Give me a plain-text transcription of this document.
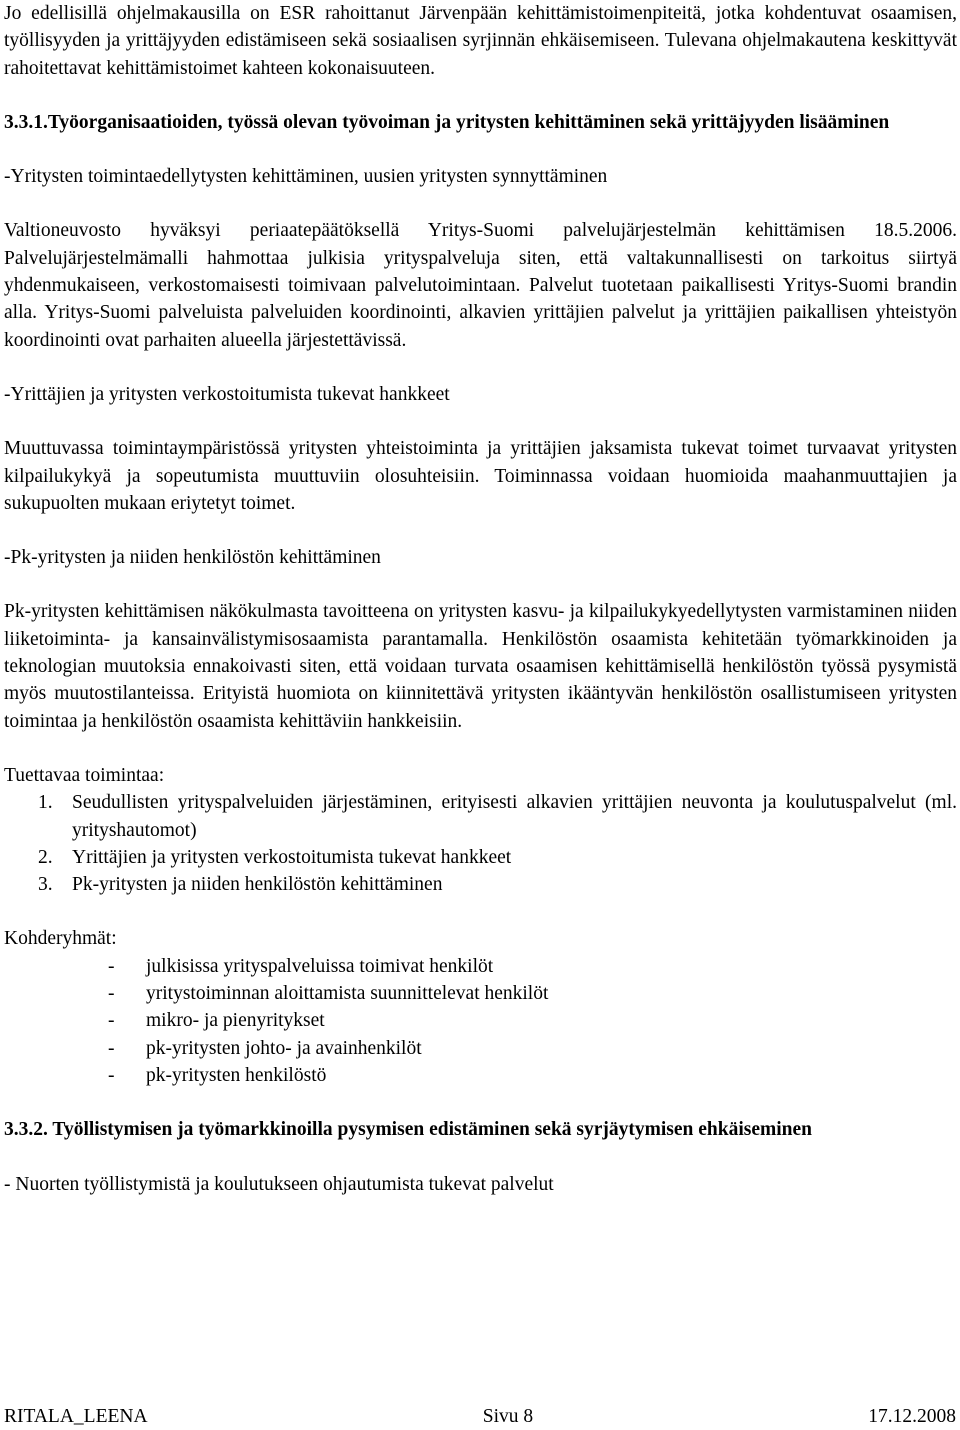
Jo edellisillä ohjelmakausilla on ESR rahoittanut Järvenpään kehittämistoimenpiteitä, jotka kohdentuvat osaamisen, työllisyyden ja yrittäjyyden edistämiseen sekä sosiaalisen syrjinnän ehkäisemiseen. Tulevana ohjelmakautena keskittyvät rahoitettavat kehittämistoimet kahteen kokonaisuuteen.

3.3.1.Työorganisaatioiden, työssä olevan työvoiman ja yritysten kehittäminen sekä yrittäjyyden lisääminen

-Yritysten toimintaedellytysten kehittäminen, uusien yritysten synnyttäminen

Valtioneuvosto hyväksyi periaatepäätöksellä Yritys-Suomi palvelujärjestelmän kehittämisen 18.5.2006. Palvelujärjestelmämalli hahmottaa julkisia yrityspalveluja siten, että valtakunnallisesti on tarkoitus siirtyä yhdenmukaiseen, verkostomaisesti toimivaan palvelutoimintaan. Palvelut tuotetaan paikallisesti Yritys-Suomi brandin alla. Yritys-Suomi palveluista palveluiden koordinointi, alkavien yrittäjien palvelut ja yrittäjien paikallisen yhteistyön koordinointi ovat parhaiten alueella järjestettävissä.

-Yrittäjien ja yritysten verkostoitumista tukevat hankkeet

Muuttuvassa toimintaympäristössä yritysten yhteistoiminta ja yrittäjien jaksamista tukevat toimet turvaavat yritysten kilpailukykyä ja sopeutumista muuttuviin olosuhteisiin. Toiminnassa voidaan huomioida maahanmuuttajien ja sukupuolten mukaan eriytetyt toimet.

-Pk-yritysten ja niiden henkilöstön kehittäminen

Pk-yritysten kehittämisen näkökulmasta tavoitteena on yritysten kasvu- ja kilpailukykyedellytysten varmistaminen niiden liiketoiminta- ja kansainvälistymisosaamista parantamalla. Henkilöstön osaamista kehitetään työmarkkinoiden ja teknologian muutoksia ennakoivasti siten, että voidaan turvata osaamisen kehittämisellä henkilöstön työssä pysymistä myös muutostilanteissa. Erityistä huomiota on kiinnitettävä yritysten ikääntyvän henkilöstön osallistumiseen yritysten toimintaa ja henkilöstön osaamista kehittäviin hankkeisiin.

Tuettavaa toimintaa:

1. Seudullisten yrityspalveluiden järjestäminen, erityisesti alkavien yrittäjien neuvonta ja koulutuspalvelut (ml. yrityshautomot)
2. Yrittäjien ja yritysten verkostoitumista tukevat hankkeet
3. Pk-yritysten ja niiden henkilöstön kehittäminen

Kohderyhmät:

-	julkisissa yrityspalveluissa toimivat henkilöt
-	yritystoiminnan aloittamista suunnittelevat henkilöt
-	mikro- ja pienyritykset
-	pk-yritysten johto- ja avainhenkilöt
-	pk-yritysten henkilöstö

3.3.2. Työllistymisen ja työmarkkinoilla pysymisen edistäminen sekä syrjäytymisen ehkäiseminen

- Nuorten työllistymistä ja koulutukseen ohjautumista tukevat palvelut

RITALA_LEENA	Sivu 8	17.12.2008
